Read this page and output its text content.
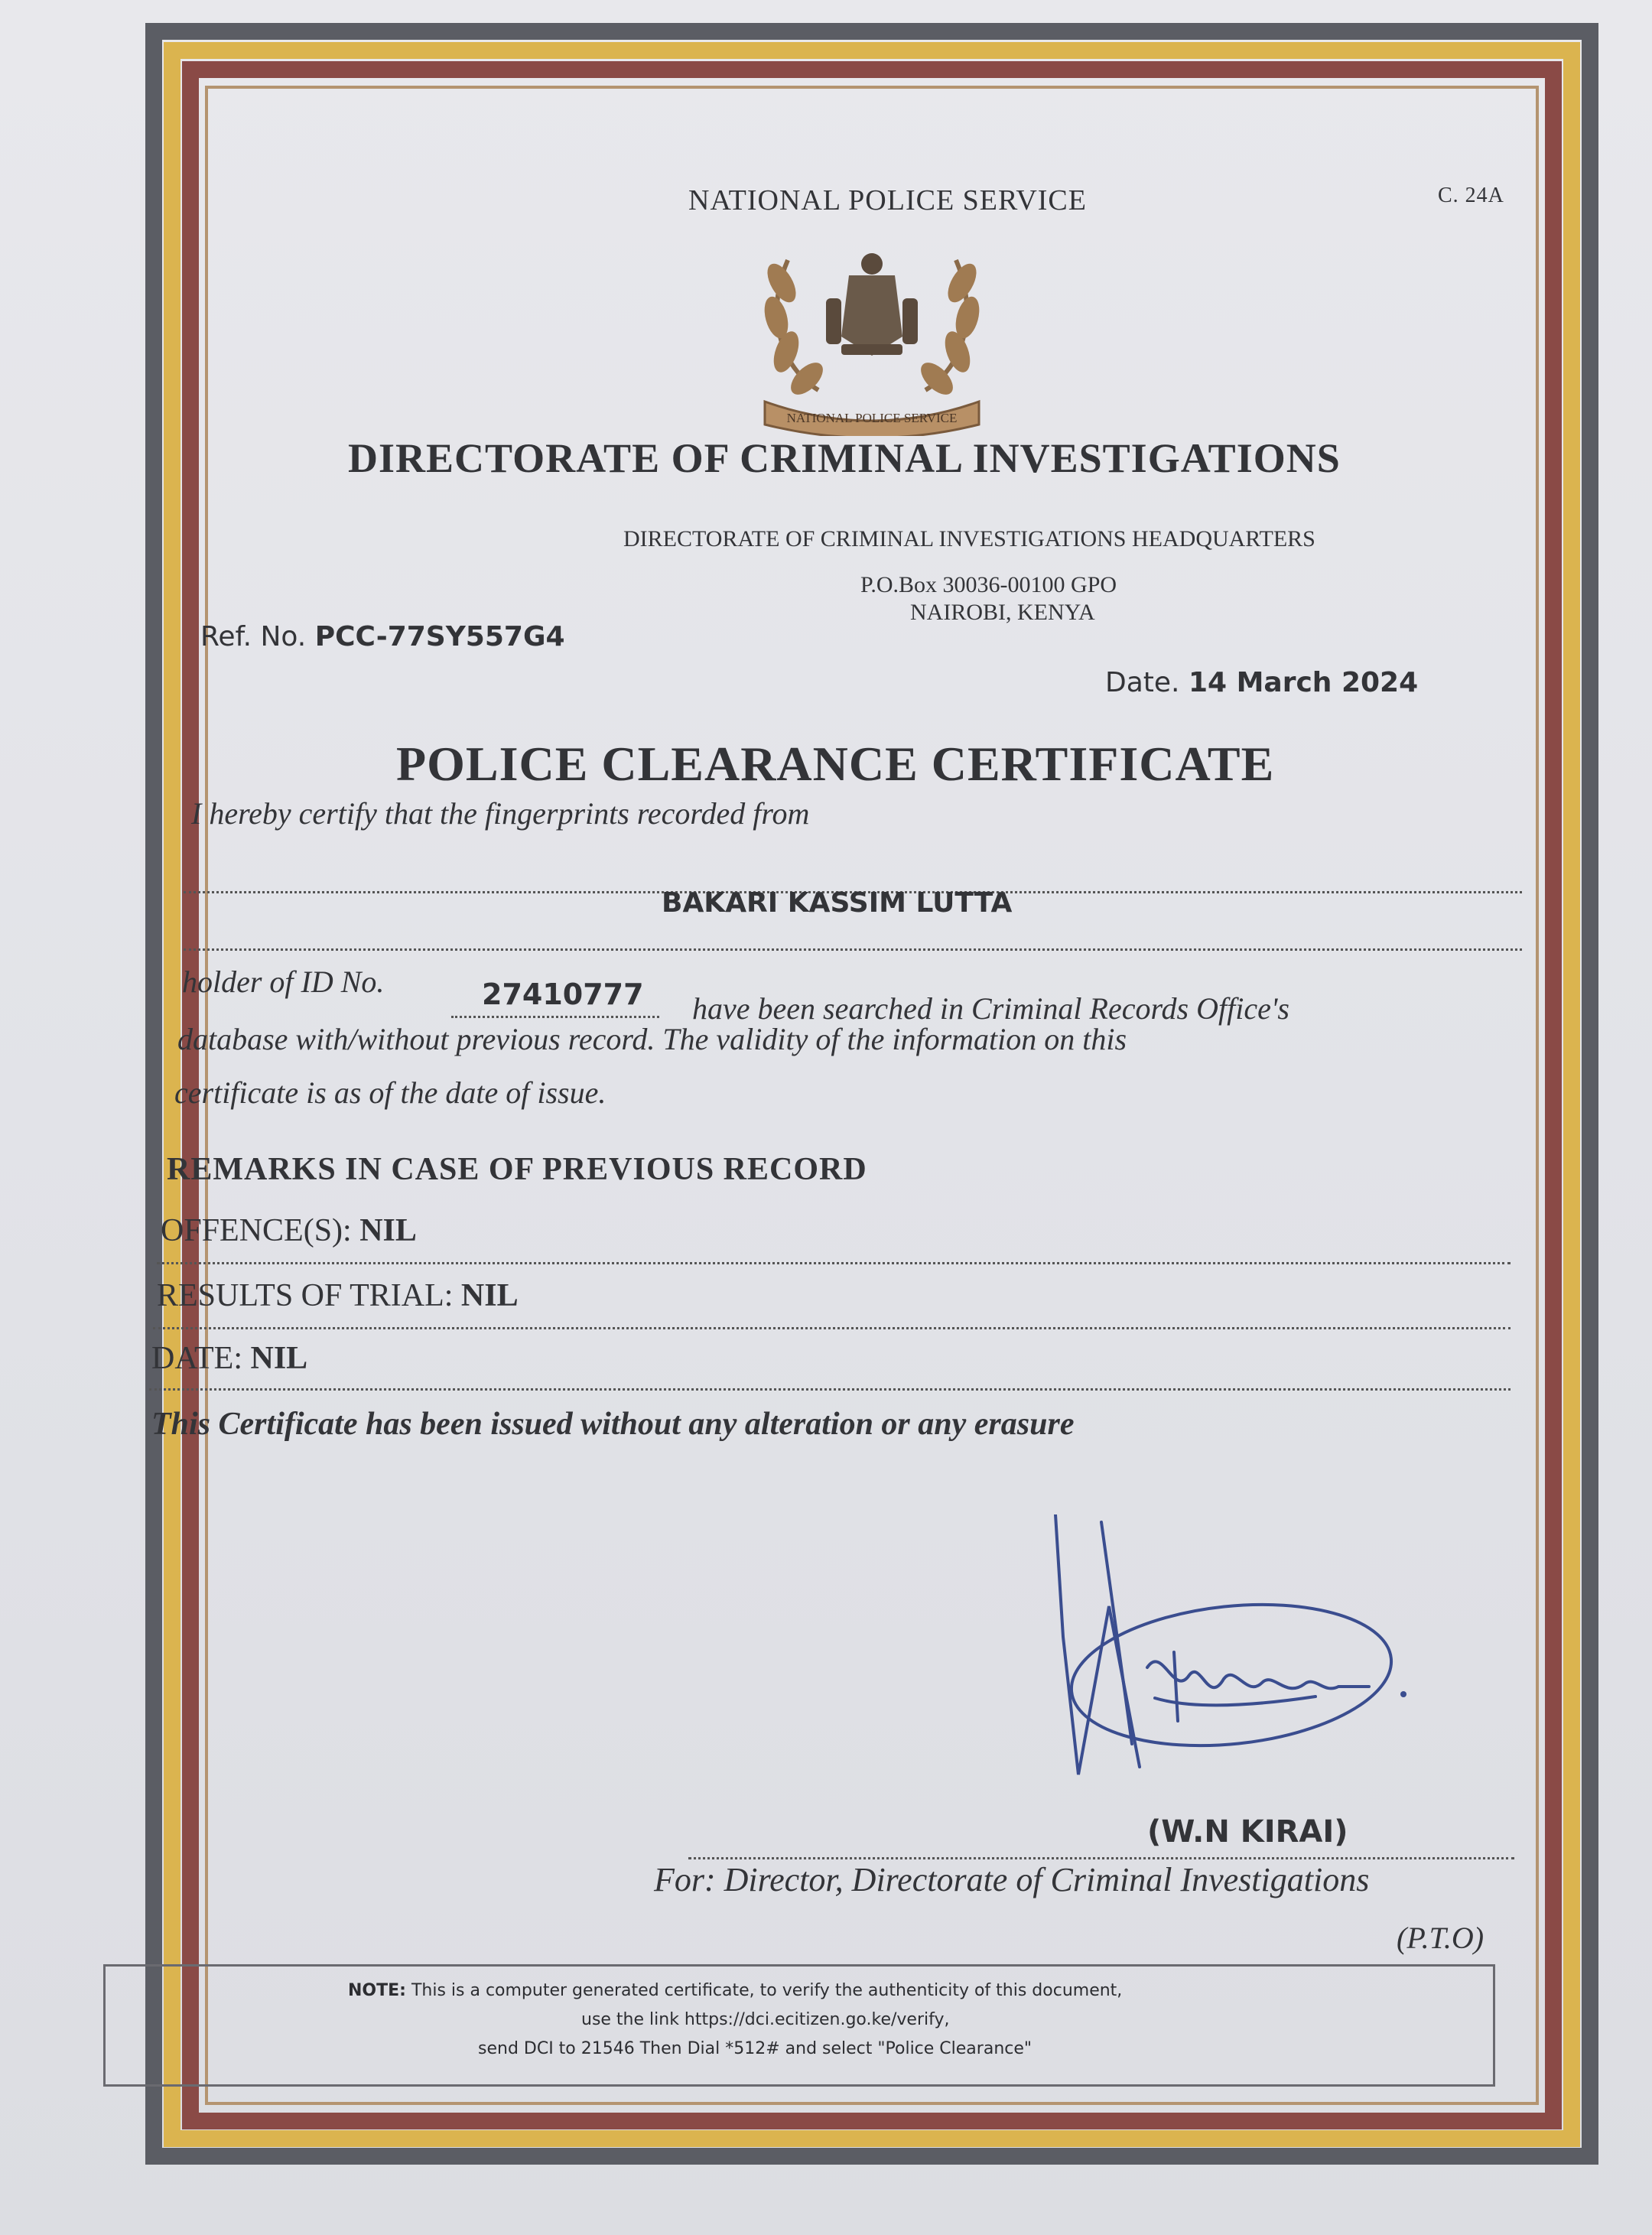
C. 24A
NATIONAL POLICE SERVICE
NATIONAL POLICE SERVICE
DIRECTORATE OF CRIMINAL INVESTIGATIONS
DIRECTORATE OF CRIMINAL INVESTIGATIONS HEADQUARTERS
P.O.Box 30036-00100 GPO
NAIROBI, KENYA
Ref. No. PCC-77SY557G4
Date. 14 March 2024
POLICE CLEARANCE CERTIFICATE
I hereby certify that the fingerprints recorded from
BAKARI KASSIM LUTTA
holder of ID No.	27410777	have been searched in Criminal Records Office's
database with/without previous record. The validity of the information on this
certificate is as of the date of issue.
REMARKS IN CASE OF PREVIOUS RECORD
OFFENCE(S): NIL
RESULTS OF TRIAL: NIL
DATE: NIL
This Certificate has been issued without any alteration or any erasure
(W.N KIRAI)
For: Director, Directorate of Criminal Investigations
(P.T.O)
NOTE: This is a computer generated certificate, to verify the authenticity of this document,
use the link https://dci.ecitizen.go.ke/verify,
send DCI to 21546 Then Dial *512# and select "Police Clearance"
